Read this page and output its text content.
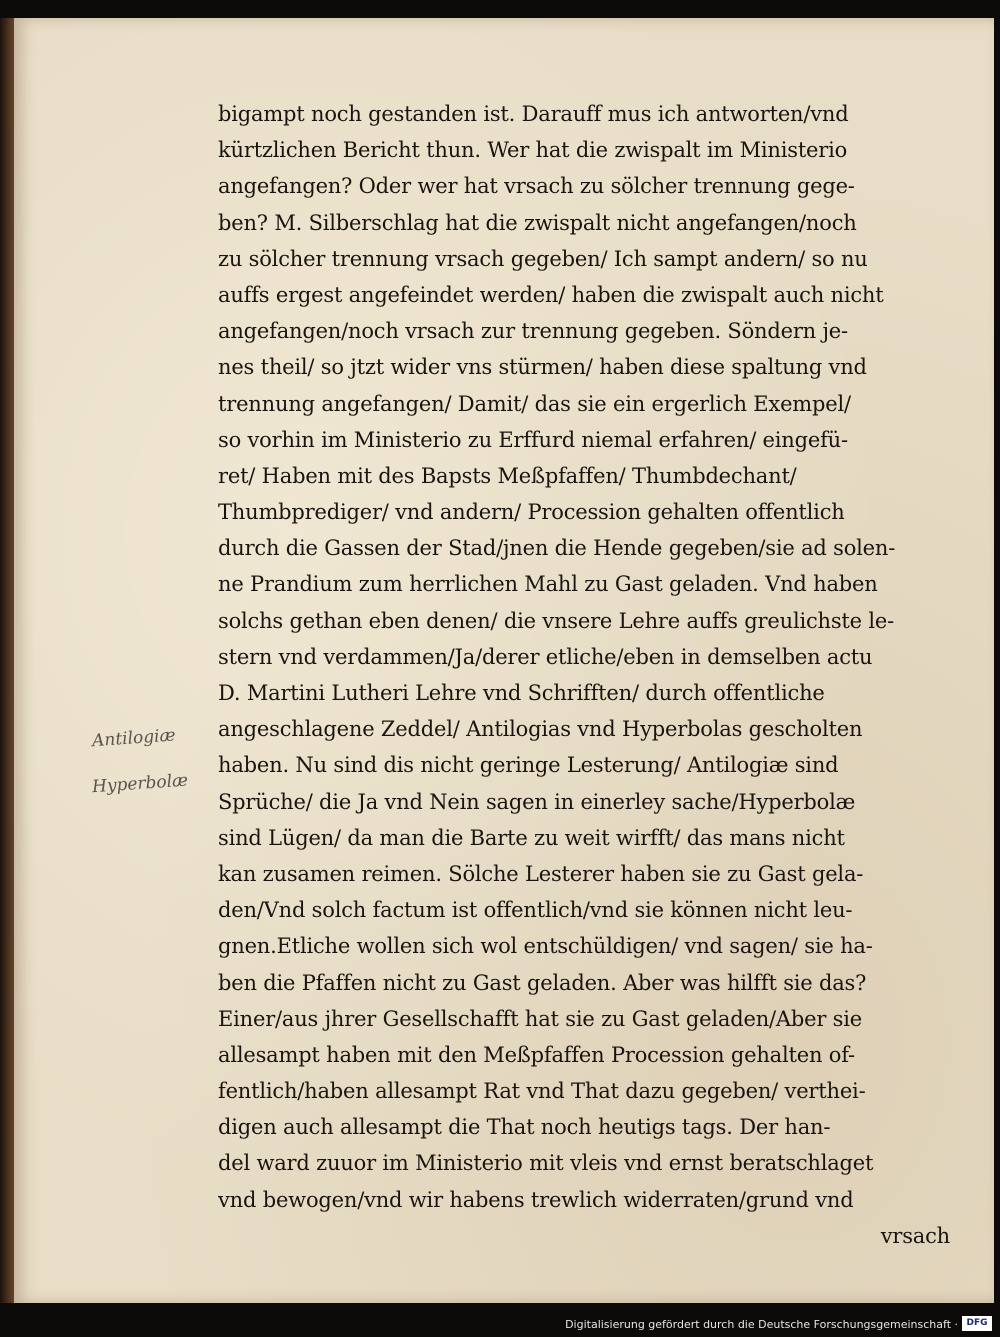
Antilogiæ
Hyperbolæ
bigampt noch gestanden ist. Darauff mus ich antworten/vnd
kürtzlichen Bericht thun. Wer hat die zwispalt im Ministerio
angefangen? Oder wer hat vrsach zu sölcher trennung gege-
ben? M. Silberschlag hat die zwispalt nicht angefangen/noch
zu sölcher trennung vrsach gegeben/ Ich sampt andern/ so nu
auffs ergest angefeindet werden/ haben die zwispalt auch nicht
angefangen/noch vrsach zur trennung gegeben. Söndern je-
nes theil/ so jtzt wider vns stürmen/ haben diese spaltung vnd
trennung angefangen/ Damit/ das sie ein ergerlich Exempel/
so vorhin im Ministerio zu Erffurd niemal erfahren/ eingefü-
ret/ Haben mit des Bapsts Meßpfaffen/ Thumbdechant/
Thumbprediger/ vnd andern/ Procession gehalten offentlich
durch die Gassen der Stad/jnen die Hende gegeben/sie ad solen-
ne Prandium zum herrlichen Mahl zu Gast geladen. Vnd haben
solchs gethan eben denen/ die vnsere Lehre auffs greulichste le-
stern vnd verdammen/Ja/derer etliche/eben in demselben actu
D. Martini Lutheri Lehre vnd Schrifften/ durch offentliche
angeschlagene Zeddel/ Antilogias vnd Hyperbolas gescholten
haben. Nu sind dis nicht geringe Lesterung/ Antilogiæ sind
Sprüche/ die Ja vnd Nein sagen in einerley sache/Hyperbolæ
sind Lügen/ da man die Barte zu weit wirfft/ das mans nicht
kan zusamen reimen. Sölche Lesterer haben sie zu Gast gela-
den/Vnd solch factum ist offentlich/vnd sie können nicht leu-
gnen.Etliche wollen sich wol entschüldigen/ vnd sagen/ sie ha-
ben die Pfaffen nicht zu Gast geladen. Aber was hilfft sie das?
Einer/aus jhrer Gesellschafft hat sie zu Gast geladen/Aber sie
allesampt haben mit den Meßpfaffen Procession gehalten of-
fentlich/haben allesampt Rat vnd That dazu gegeben/ verthei-
digen auch allesampt die That noch heutigs tags. Der han-
del ward zuuor im Ministerio mit vleis vnd ernst beratschlaget
vnd bewogen/vnd wir habens trewlich widerraten/grund vnd
vrsach
Digitalisierung gefördert durch die Deutsche Forschungsgemeinschaft · DFG
